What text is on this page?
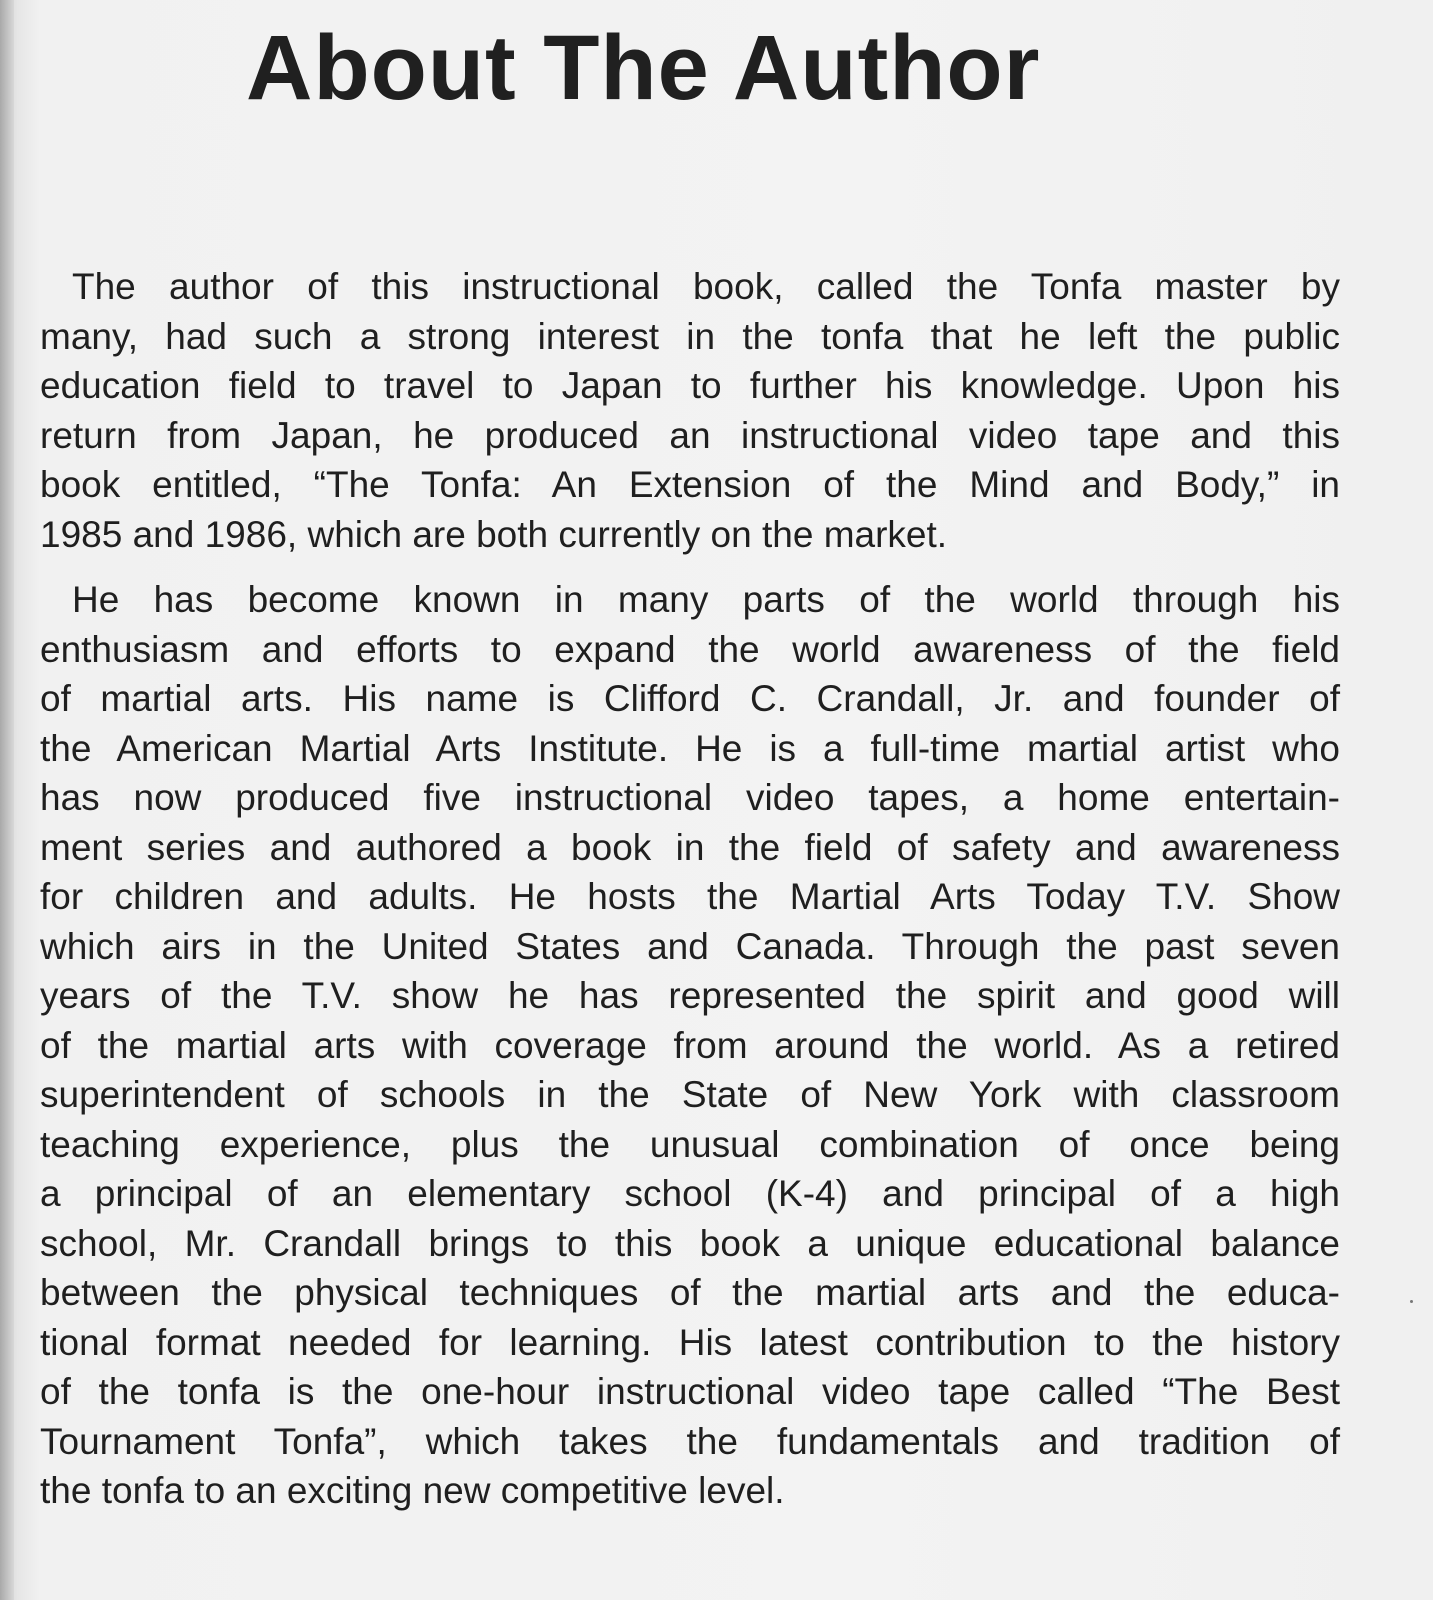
About The Author

The author of this instructional book, called the Tonfa master by
many, had such a strong interest in the tonfa that he left the public
education field to travel to Japan to further his knowledge. Upon his
return from Japan, he produced an instructional video tape and this
book entitled, “The Tonfa: An Extension of the Mind and Body,” in
1985 and 1986, which are both currently on the market.

He has become known in many parts of the world through his
enthusiasm and efforts to expand the world awareness of the field
of martial arts. His name is Clifford C. Crandall, Jr. and founder of
the American Martial Arts Institute. He is a full-time martial artist who
has now produced five instructional video tapes, a home entertain-
ment series and authored a book in the field of safety and awareness
for children and adults. He hosts the Martial Arts Today T.V. Show
which airs in the United States and Canada. Through the past seven
years of the T.V. show he has represented the spirit and good will
of the martial arts with coverage from around the world. As a retired
superintendent of schools in the State of New York with classroom
teaching experience, plus the unusual combination of once being
a principal of an elementary school (K-4) and principal of a high
school, Mr. Crandall brings to this book a unique educational balance
between the physical techniques of the martial arts and the educa-
tional format needed for learning. His latest contribution to the history
of the tonfa is the one-hour instructional video tape called “The Best
Tournament Tonfa”, which takes the fundamentals and tradition of
the tonfa to an exciting new competitive level.
